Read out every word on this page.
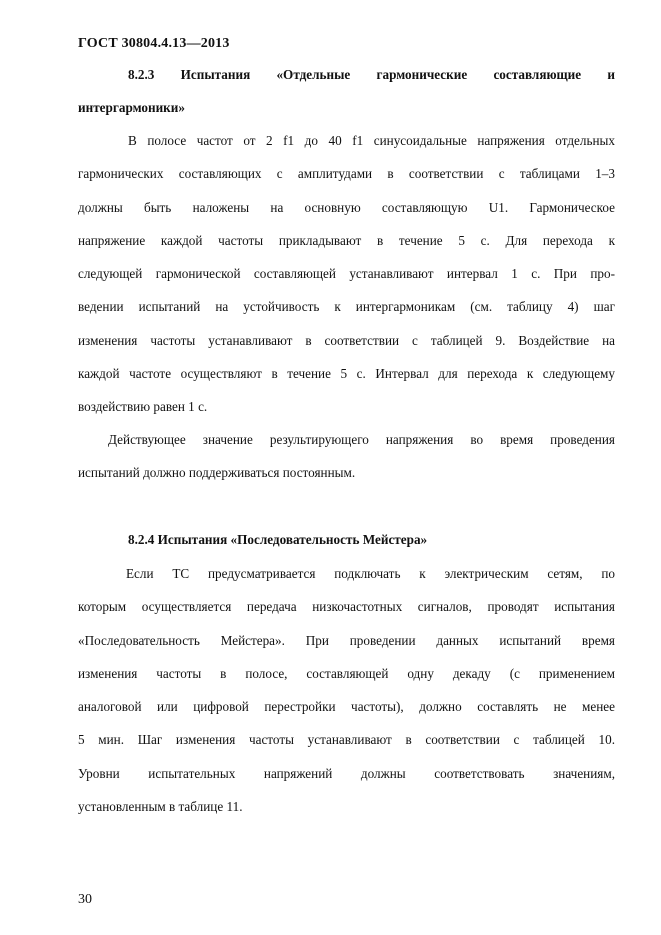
ГОСТ 30804.4.13—2013
8.2.3 Испытания «Отдельные гармонические составляющие и
интергармоники»
В полосе частот от 2 f1 до 40 f1 синусоидальные напряжения отдельных
гармонических составляющих с амплитудами в соответствии с таблицами 1–3
должны быть наложены на основную составляющую U1. Гармоническое
напряжение каждой частоты прикладывают в течение 5 с. Для перехода к
следующей гармонической составляющей устанавливают интервал 1 с. При про-
ведении испытаний на устойчивость к интергармоникам (см. таблицу 4) шаг
изменения частоты устанавливают в соответствии с таблицей 9. Воздействие на
каждой частоте осуществляют в течение 5 с. Интервал для перехода к следующему
воздействию равен 1 с.
Действующее значение результирующего напряжения во время проведения
испытаний должно поддерживаться постоянным.
8.2.4 Испытания «Последовательность Мейстера»
Если ТС предусматривается подключать к электрическим сетям, по
которым осуществляется передача низкочастотных сигналов, проводят испытания
«Последовательность Мейстера». При проведении данных испытаний время
изменения частоты в полосе, составляющей одну декаду (с применением
аналоговой или цифровой перестройки частоты), должно составлять не менее
5 мин. Шаг изменения частоты устанавливают в соответствии с таблицей 10.
Уровни испытательных напряжений должны соответствовать значениям,
установленным в таблице 11.
30
